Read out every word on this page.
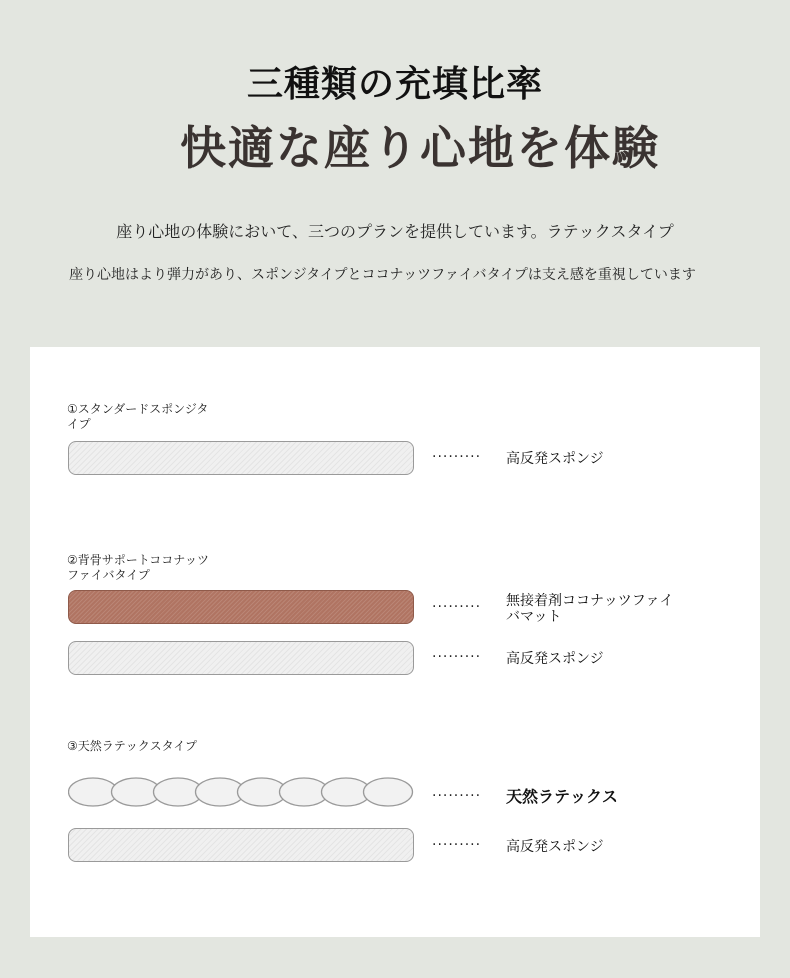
三種類の充填比率
快適な座り心地を体験
座り心地の体験において、三つのプランを提供しています。ラテックスタイプ
座り心地はより弾力があり、スポンジタイプとココナッツファイバタイプは支え感を重視しています
①スタンダードスポンジタイプ
········· 高反発スポンジ
②背骨サポートココナッツファイバタイプ
········· 無接着剤ココナッツファイバマット
········· 高反発スポンジ
③天然ラテックスタイプ
········· 天然ラテックス
········· 高反発スポンジ
